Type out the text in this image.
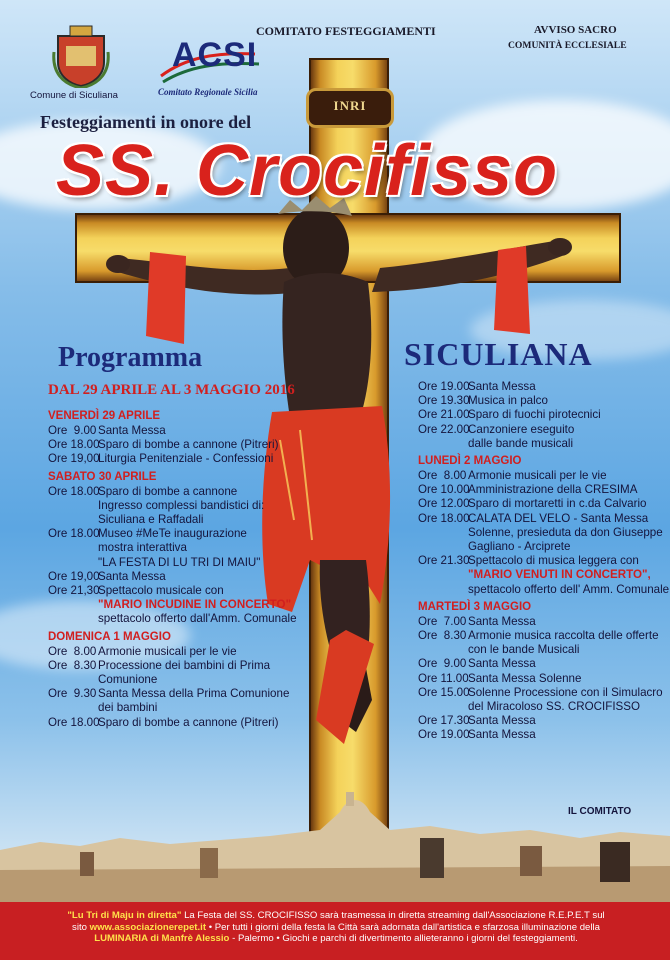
INRI
Comune di Siculiana
ACSI
Comitato Regionale Sicilia
COMITATO FESTEGGIAMENTI	AVVISO SACRO
COMUNITÀ ECCLESIALE
Festeggiamenti in onore del
SS. Crocifisso
Programma	SICULIANA
DAL 29 APRILE AL 3 MAGGIO 2016
VENERDÌ 29 APRILE
Ore  9.00 Santa Messa
Ore 18.00Sparo di bombe a cannone (Pitreri)
Ore 19,00Liturgia Penitenziale - Confessioni
SABATO 30 APRILE
Ore 18.00Sparo di bombe a cannone
Ingresso complessi bandistici di:
Siculiana e Raffadali
Ore 18.00Museo #MeTe inaugurazione
mostra interattiva
"LA FESTA DI LU TRI DI MAIU"
Ore 19,00Santa Messa
Ore 21,30Spettacolo musicale con
"MARIO INCUDINE IN CONCERTO"
spettacolo offerto dall'Amm. Comunale
DOMENICA 1 MAGGIO
Ore  8.00 Armonie musicali per le vie
Ore  8.30 Processione dei bambini di Prima
Comunione
Ore  9.30 Santa Messa della Prima Comunione
dei bambini
Ore 18.00Sparo di bombe a cannone (Pitreri)
Ore 19.00Santa Messa
Ore 19.30Musica in palco
Ore 21.00Sparo di fuochi pirotecnici
Ore 22.00Canzoniere eseguito
dalle bande musicali
LUNEDÌ 2 MAGGIO
Ore  8.00 Armonie musicali per le vie
Ore 10.00Amministrazione della CRESIMA
Ore 12.00Sparo di mortaretti in c.da Calvario
Ore 18.00CALATA DEL VELO - Santa Messa
Solenne, presieduta da don Giuseppe
Gagliano - Arciprete
Ore 21.30Spettacolo di musica leggera con
"MARIO VENUTI IN CONCERTO",
spettacolo offerto dell' Amm. Comunale
MARTEDÌ 3 MAGGIO
Ore  7.00 Santa Messa
Ore  8.30 Armonie musica raccolta delle offerte
con le bande Musicali
Ore  9.00 Santa Messa
Ore 11.00Santa Messa Solenne
Ore 15.00Solenne Processione con il Simulacro
del Miracoloso SS. CROCIFISSO
Ore 17.30Santa Messa
Ore 19.00Santa Messa
IL COMITATO
"Lu Tri di Maju in diretta" La Festa del SS. CROCIFISSO sarà trasmessa in diretta streaming dall'Associazione R.E.P.E.T sul
sito www.associazionerepet.it • Per tutti i giorni della festa la Città sarà adornata dall'artistica e sfarzosa illuminazione della
LUMINARIA di Manfrè Alessio - Palermo • Giochi e parchi di divertimento allieteranno i giorni del festeggiamenti.
